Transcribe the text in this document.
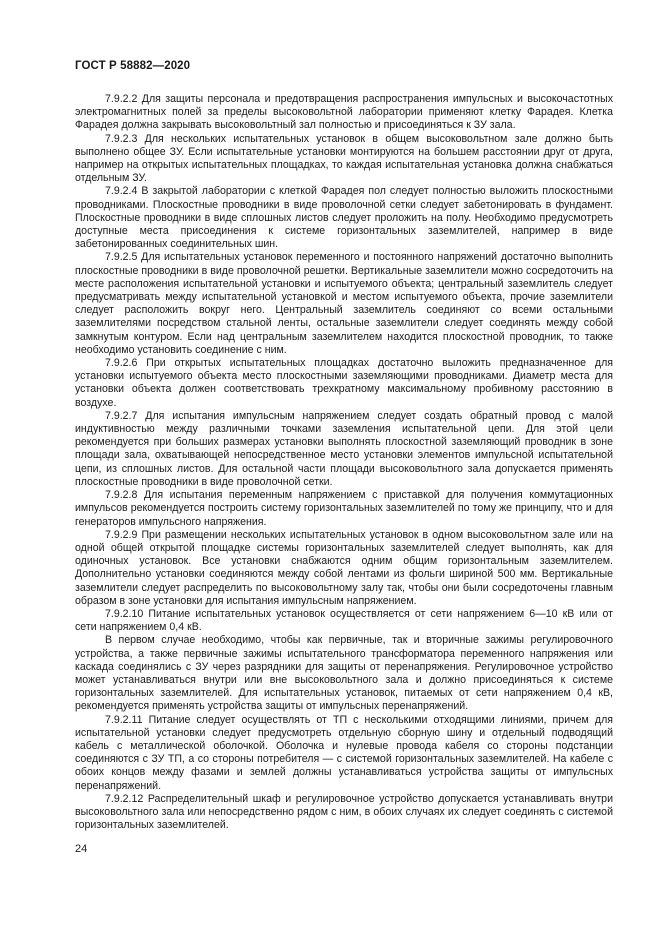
ГОСТ Р 58882—2020

7.9.2.2 Для защиты персонала и предотвращения распространения импульсных и высокочастотных электромагнитных полей за пределы высоковольтной лаборатории применяют клетку Фарадея. Клетка Фарадея должна закрывать высоковольтный зал полностью и присоединяться к ЗУ зала.

7.9.2.3 Для нескольких испытательных установок в общем высоковольтном зале должно быть выполнено общее ЗУ. Если испытательные установки монтируются на большем расстоянии друг от друга, например на открытых испытательных площадках, то каждая испытательная установка должна снабжаться отдельным ЗУ.

7.9.2.4 В закрытой лаборатории с клеткой Фарадея пол следует полностью выложить плоскостными проводниками. Плоскостные проводники в виде проволочной сетки следует забетонировать в фундамент. Плоскостные проводники в виде сплошных листов следует проложить на полу. Необходимо предусмотреть доступные места присоединения к системе горизонтальных заземлителей, например в виде забетонированных соединительных шин.

7.9.2.5 Для испытательных установок переменного и постоянного напряжений достаточно выполнить плоскостные проводники в виде проволочной решетки. Вертикальные заземлители можно сосредоточить на месте расположения испытательной установки и испытуемого объекта; центральный заземлитель следует предусматривать между испытательной установкой и местом испытуемого объекта, прочие заземлители следует расположить вокруг него. Центральный заземлитель соединяют со всеми остальными заземлителями посредством стальной ленты, остальные заземлители следует соединять между собой замкнутым контуром. Если над центральным заземлителем находится плоскостной проводник, то также необходимо установить соединение с ним.

7.9.2.6 При открытых испытательных площадках достаточно выложить предназначенное для установки испытуемого объекта место плоскостными заземляющими проводниками. Диаметр места для установки объекта должен соответствовать трехкратному максимальному пробивному расстоянию в воздухе.

7.9.2.7 Для испытания импульсным напряжением следует создать обратный провод с малой индуктивностью между различными точками заземления испытательной цепи. Для этой цели рекомендуется при больших размерах установки выполнять плоскостной заземляющий проводник в зоне площади зала, охватывающей непосредственное место установки элементов импульсной испытательной цепи, из сплошных листов. Для остальной части площади высоковольтного зала допускается применять плоскостные проводники в виде проволочной сетки.

7.9.2.8 Для испытания переменным напряжением с приставкой для получения коммутационных импульсов рекомендуется построить систему горизонтальных заземлителей по тому же принципу, что и для генераторов импульсного напряжения.

7.9.2.9 При размещении нескольких испытательных установок в одном высоковольтном зале или на одной общей открытой площадке системы горизонтальных заземлителей следует выполнять, как для одиночных установок. Все установки снабжаются одним общим горизонтальным заземлителем. Дополнительно установки соединяются между собой лентами из фольги шириной 500 мм. Вертикальные заземлители следует распределить по высоковольтному залу так, чтобы они были сосредоточены главным образом в зоне установки для испытания импульсным напряжением.

7.9.2.10 Питание испытательных установок осуществляется от сети напряжением 6—10 кВ или от сети напряжением 0,4 кВ.

В первом случае необходимо, чтобы как первичные, так и вторичные зажимы регулировочного устройства, а также первичные зажимы испытательного трансформатора переменного напряжения или каскада соединялись с ЗУ через разрядники для защиты от перенапряжения. Регулировочное устройство может устанавливаться внутри или вне высоковольтного зала и должно присоединяться к системе горизонтальных заземлителей. Для испытательных установок, питаемых от сети напряжением 0,4 кВ, рекомендуется применять устройства защиты от импульсных перенапряжений.

7.9.2.11 Питание следует осуществлять от ТП с несколькими отходящими линиями, причем для испытательной установки следует предусмотреть отдельную сборную шину и отдельный подводящий кабель с металлической оболочкой. Оболочка и нулевые провода кабеля со стороны подстанции соединяются с ЗУ ТП, а со стороны потребителя — с системой горизонтальных заземлителей. На кабеле с обоих концов между фазами и землей должны устанавливаться устройства защиты от импульсных перенапряжений.

7.9.2.12 Распределительный шкаф и регулировочное устройство допускается устанавливать внутри высоковольтного зала или непосредственно рядом с ним, в обоих случаях их следует соединять с системой горизонтальных заземлителей.

24
